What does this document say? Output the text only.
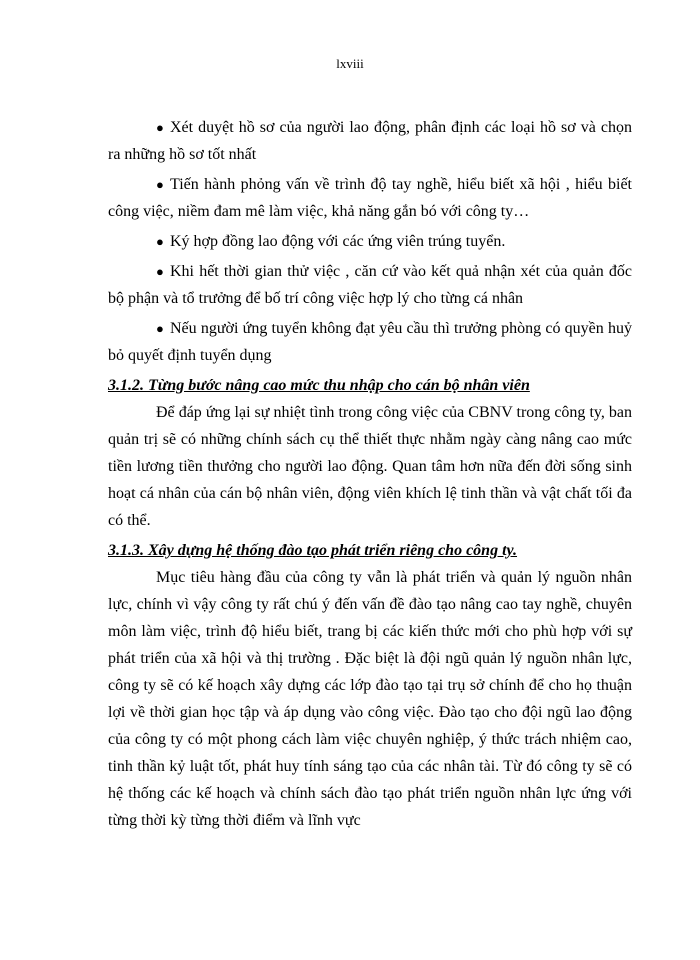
lxviii

● Xét duyệt hồ sơ của người lao động, phân định các loại hồ sơ và chọn ra những hồ sơ tốt nhất

● Tiến hành phỏng vấn về trình độ tay nghề, hiểu biết xã hội , hiểu biết công việc, niềm đam mê làm việc, khả năng gắn bó với công ty…

● Ký hợp đồng lao động với các ứng viên trúng tuyển.

● Khi hết thời gian thử việc , căn cứ vào kết quả nhận xét của quản đốc bộ phận và tổ trưởng để bố trí công việc hợp lý cho từng cá nhân

● Nếu người ứng tuyển không đạt yêu cầu thì trưởng phòng có quyền huỷ bỏ quyết định tuyển dụng

3.1.2. Từng bước nâng cao mức thu nhập cho cán bộ nhân viên

Để đáp ứng lại sự nhiệt tình trong công việc của CBNV trong công ty, ban quản trị sẽ có những chính sách cụ thể thiết thực nhằm ngày càng nâng cao mức tiền lương tiền thưởng cho người lao động. Quan tâm hơn nữa đến đời sống sinh hoạt cá nhân của cán bộ nhân viên, động viên khích lệ tinh thần và vật chất tối đa có thể.

3.1.3. Xây dựng hệ thống đào tạo phát triển riêng cho công ty.

Mục tiêu hàng đầu của công ty vẫn là phát triển và quản lý nguồn nhân lực, chính vì vậy công ty rất chú ý đến vấn đề đào tạo nâng cao tay nghề, chuyên môn làm việc, trình độ hiểu biết, trang bị các kiến thức mới cho phù hợp với sự phát triển của xã hội và thị trường . Đặc biệt là đội ngũ quản lý nguồn nhân lực, công ty sẽ có kế hoạch xây dựng các lớp đào tạo tại trụ sở chính để cho họ thuận lợi về thời gian học tập và áp dụng vào công việc. Đào tạo cho đội ngũ lao động của công ty có một phong cách làm việc chuyên nghiệp, ý thức trách nhiệm cao, tinh thần kỷ luật tốt, phát huy tính sáng tạo của các nhân tài. Từ đó công ty sẽ có hệ thống các kế hoạch và chính sách đào tạo phát triển nguồn nhân lực ứng với từng thời kỳ từng thời điểm và lĩnh vực
